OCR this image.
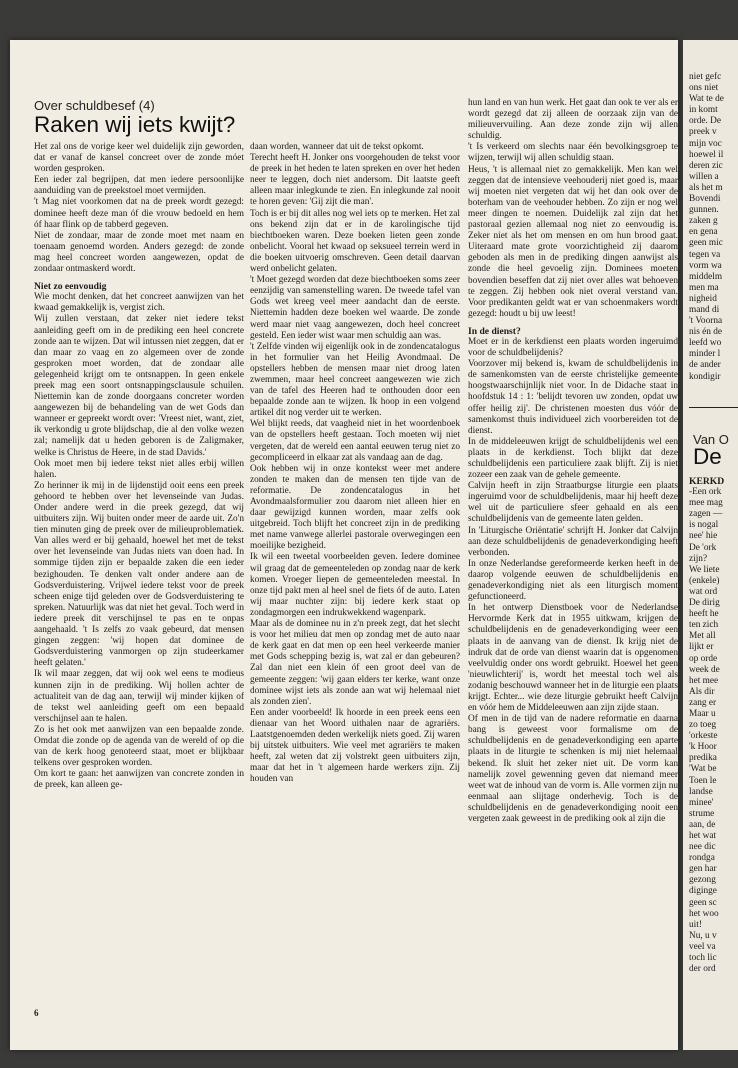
Over schuldbesef (4)
Raken wij iets kwijt?

Het zal ons de vorige keer wel duidelijk zijn geworden, dat er vanaf de kansel concreet over de zonde móet worden gesproken.

Een ieder zal begrijpen, dat men iedere persoonlijke aanduiding van de preekstoel moet vermijden.

't Mag niet voorkomen dat na de preek wordt gezegd: dominee heeft deze man óf die vrouw bedoeld en hem óf haar flink op de tabberd gegeven.

Niet de zondaar, maar de zonde moet met naam en toenaam genoemd worden. Anders gezegd: de zonde mag heel concreet worden aangewezen, opdat de zondaar ontmaskerd wordt.

Niet zo eenvoudig

Wie mocht denken, dat het concreet aanwijzen van het kwaad gemakkelijk is, vergist zich.

Wij zullen verstaan, dat zeker niet iedere tekst aanleiding geeft om in de prediking een heel concrete zonde aan te wijzen. Dat wil intussen niet zeggen, dat er dan maar zo vaag en zo algemeen over de zonde gesproken moet worden, dat de zondaar alle gelegenheid krijgt om te ontsnappen. In geen enkele preek mag een soort ontsnappingsclausule schuilen. Niettemin kan de zonde doorgaans concreter worden aangewezen bij de behandeling van de wet Gods dan wanneer er gepreekt wordt over: 'Vreest niet, want, ziet, ik verkondig u grote blijdschap, die al den volke wezen zal; namelijk dat u heden geboren is de Zaligmaker, welke is Christus de Heere, in de stad Davids.'

Ook moet men bij iedere tekst niet alles erbij willen halen.

Zo herinner ik mij in de lijdenstijd ooit eens een preek gehoord te hebben over het levenseinde van Judas. Onder andere werd in die preek gezegd, dat wij uitbuiters zijn. Wij buiten onder meer de aarde uit. Zo'n tien minuten ging de preek over de milieuproblematiek. Van alles werd er bij gehaald, hoewel het met de tekst over het levenseinde van Judas niets van doen had. In sommige tijden zijn er bepaalde zaken die een ieder bezighouden. Te denken valt onder andere aan de Godsverduistering. Vrijwel iedere tekst voor de preek scheen enige tijd geleden over de Godsverduistering te spreken. Natuurlijk was dat niet het geval. Toch werd in iedere preek dit verschijnsel te pas en te onpas aangehaald. 't Is zelfs zo vaak gebeurd, dat mensen gingen zeggen: 'wij hopen dat dominee de Godsverduistering vanmorgen op zijn studeerkamer heeft gelaten.'

Ik wil maar zeggen, dat wij ook wel eens te modieus kunnen zijn in de prediking. Wij hollen achter de actualiteit van de dag aan, terwijl wij minder kijken of de tekst wel aanleiding geeft om een bepaald verschijnsel aan te halen.

Zo is het ook met aanwijzen van een bepaalde zonde. Omdat die zonde op de agenda van de wereld of op die van de kerk hoog genoteerd staat, moet er blijkbaar telkens over gesproken worden.

Om kort te gaan: het aanwijzen van concrete zonden in de preek, kan alleen ge-

daan worden, wanneer dat uit de tekst opkomt.

Terecht heeft H. Jonker ons voorgehouden de tekst voor de preek in het heden te laten spreken en over het heden neer te leggen, doch niet andersom. Dit laatste geeft alleen maar inlegkunde te zien. En inlegkunde zal nooit te horen geven: 'Gij zijt die man'.

Toch is er bij dit alles nog wel iets op te merken. Het zal ons bekend zijn dat er in de karolingische tijd biechtboeken waren. Deze boeken lieten geen zonde onbelicht. Vooral het kwaad op seksueel terrein werd in die boeken uitvoerig omschreven. Geen detail daarvan werd onbelicht gelaten.

't Moet gezegd worden dat deze biechtboeken soms zeer eenzijdig van samenstelling waren. De tweede tafel van Gods wet kreeg veel meer aandacht dan de eerste. Niettemin hadden deze boeken wel waarde. De zonde werd maar niet vaag aangewezen, doch heel concreet gesteld. Een ieder wist waar men schuldig aan was.

't Zelfde vinden wij eigenlijk ook in de zondencatalogus in het formulier van het Heilig Avondmaal. De opstellers hebben de mensen maar niet droog laten zwemmen, maar heel concreet aangewezen wie zich van de tafel des Heeren had te onthouden door een bepaalde zonde aan te wijzen. Ik hoop in een volgend artikel dit nog verder uit te werken.

Wel blijkt reeds, dat vaagheid niet in het woordenboek van de opstellers heeft gestaan. Toch moeten wij niet vergeten, dat de wereld een aantal eeuwen terug niet zo gecompliceerd in elkaar zat als vandaag aan de dag.

Ook hebben wij in onze kontekst weer met andere zonden te maken dan de mensen ten tijde van de reformatie. De zondencatalogus in het Avondmaalsformulier zou daarom niet alleen hier en daar gewijzigd kunnen worden, maar zelfs ook uitgebreid. Toch blijft het concreet zijn in de prediking met name vanwege allerlei pastorale overwegingen een moeilijke bezigheid.

Ik wil een tweetal voorbeelden geven. Iedere dominee wil graag dat de gemeenteleden op zondag naar de kerk komen. Vroeger liepen de gemeenteleden meestal. In onze tijd pakt men al heel snel de fiets óf de auto. Laten wij maar nuchter zijn: bij iedere kerk staat op zondagmorgen een indrukwekkend wagenpark.

Maar als de dominee nu in z'n preek zegt, dat het slecht is voor het milieu dat men op zondag met de auto naar de kerk gaat en dat men op een heel verkeerde manier met Gods schepping bezig is, wat zal er dan gebeuren? Zal dan niet een klein óf een groot deel van de gemeente zeggen: 'wij gaan elders ter kerke, want onze dominee wijst iets als zonde aan wat wij helemaal niet als zonden zien'.

Een ander voorbeeld! Ik hoorde in een preek eens een dienaar van het Woord uithalen naar de agrariërs. Laatstgenoemden deden werkelijk niets goed. Zij waren bij uitstek uitbuiters. Wie veel met agrariërs te maken heeft, zal weten dat zij volstrekt geen uitbuiters zijn, maar dat het in 't algemeen harde werkers zijn. Zij houden van

hun land en van hun werk. Het gaat dan ook te ver als er wordt gezegd dat zij alleen de oorzaak zijn van de milieuvervuiling. Aan deze zonde zijn wij allen schuldig.

't Is verkeerd om slechts naar één bevolkingsgroep te wijzen, terwijl wij allen schuldig staan.

Heus, 't is allemaal niet zo gemakkelijk. Men kan wel zeggen dat de intensieve veehouderij niet goed is, maar wij moeten niet vergeten dat wij het dan ook over de boterham van de veehouder hebben. Zo zijn er nog wel meer dingen te noemen. Duidelijk zal zijn dat het pastoraal gezien allemaal nog niet zo eenvoudig is. Zeker niet als het om mensen en om hun brood gaat. Uiteraard mate grote voorzichtigheid zij daarom geboden als men in de prediking dingen aanwijst als zonde die heel gevoelig zijn. Dominees moeten bovendien beseffen dat zij niet over alles wat behoeven te zeggen. Zij hebben ook niet overal verstand van. Voor predikanten geldt wat er van schoenmakers wordt gezegd: houdt u bij uw leest!

In de dienst?

Moet er in de kerkdienst een plaats worden ingeruimd voor de schuldbelijdenis?

Voorzover mij bekend is, kwam de schuldbelijdenis in de samenkomsten van de eerste christelijke gemeente hoogstwaarschijnlijk niet voor. In de Didache staat in hoofdstuk 14 : 1: 'belijdt tevoren uw zonden, opdat uw offer heilig zij'. De christenen moesten dus vóór de samenkomst thuis individueel zich voorbereiden tot de dienst.

In de middeleeuwen krijgt de schuldbelijdenis wel een plaats in de kerkdienst. Toch blijkt dat deze schuldbelijdenis een particuliere zaak blijft. Zij is niet zozeer een zaak van de gehele gemeente.

Calvijn heeft in zijn Straatburgse liturgie een plaats ingeruimd voor de schuldbelijdenis, maar hij heeft deze wel uit de particuliere sfeer gehaald en als een schuldbelijdenis van de gemeente laten gelden.

In 'Liturgische Oriëntatie' schrijft H. Jonker dat Calvijn aan deze schuldbelijdenis de genadeverkondiging heeft verbonden.

In onze Nederlandse gereformeerde kerken heeft in de daarop volgende eeuwen de schuldbelijdenis en genadeverkondiging niet als een liturgisch moment gefunctioneerd.

In het ontwerp Dienstboek voor de Nederlandse Hervormde Kerk dat in 1955 uitkwam, krijgen de schuldbelijdenis en de genadeverkondiging weer een plaats in de aanvang van de dienst. Ik krijg niet de indruk dat de orde van dienst waarin dat is opgenomen veelvuldig onder ons wordt gebruikt. Hoewel het geen 'nieuwlichterij' is, wordt het meestal toch wel als zodanig beschouwd wanneer het in de liturgie een plaats krijgt. Echter... wie deze liturgie gebruikt heeft Calvijn en vóór hem de Middeleeuwen aan zijn zijde staan.

Of men in de tijd van de nadere reformatie en daarna bang is geweest voor formalisme om de schuldbelijdenis en de genadeverkondiging een aparte plaats in de liturgie te schenken is mij niet helemaal bekend. Ik sluit het zeker niet uit. De vorm kan namelijk zovel gewenning geven dat niemand meer weet wat de inhoud van de vorm is. Alle vormen zijn nu eenmaal aan slijtage onderhevig. Toch is de schuldbelijdenis en de genadeverkondiging nooit een vergeten zaak geweest in de prediking ook al zijn die

6

niet gefc

ons niet

Wat te de

in komt

orde. De

preek v

mijn voc

hoewel il

deren zic

willen a

als het m

Bovendi

gunnen.

zaken g

en gena

geen mic

tegen va

vorm wa

middelm

men ma

nigheid

mand di

't Voorna

nis én de

leefd wo

minder l

de ander

kondigir

Van O
De
KERKD

-Een ork

mee mag

zagen —

is nogal

nee' hie

De 'ork

zijn?

We liete

(enkele)

wat ord

De dirig

heeft he

ten zich

Met all

lijkt er

op orde

week de

het mee

Als dir

zang er

Maar u

zo toeg

'orkeste

'k Hoor

predika

'Wat be

Toen le

landse

minee'

strume

aan, de

het wat

nee dic

rondga

gen har

gezong

diginge

geen sc

het woo

uit!

Nu, u v

veel va

toch lic

der ord
